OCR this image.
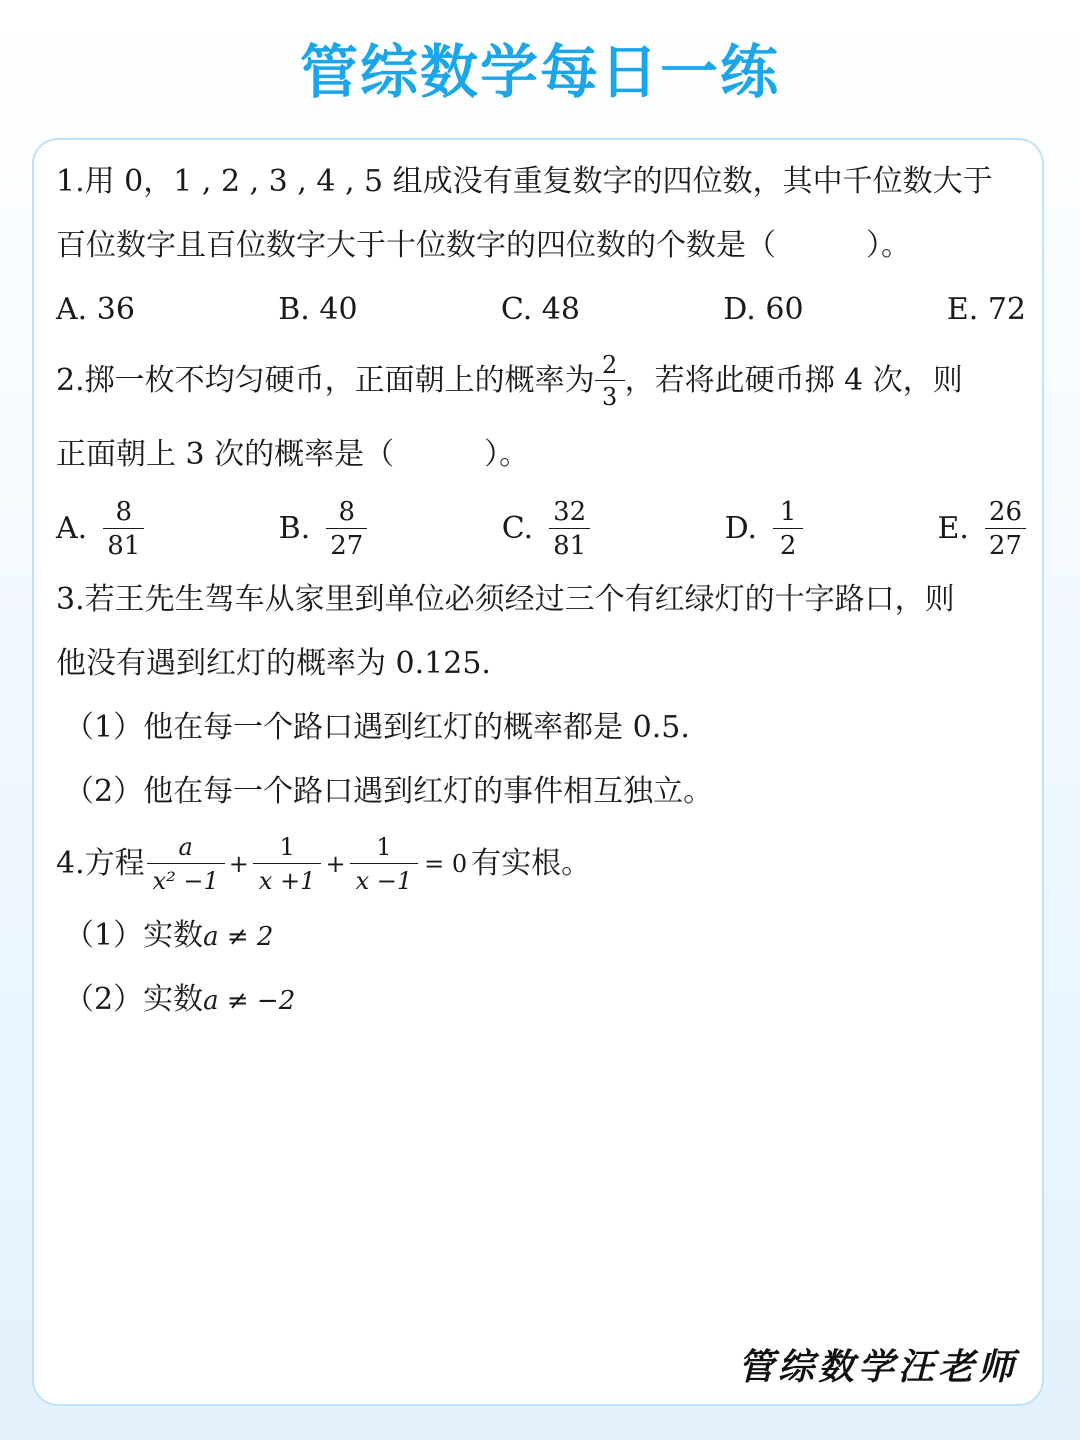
管综数学每日一练
1.用 0，1 , 2 , 3 , 4 , 5 组成没有重复数字的四位数，其中千位数大于
百位数字且百位数字大于十位数字的四位数的个数是（　　　）。
A. 36	B. 40	C. 48	D. 60	E. 72
2.掷一枚不均匀硬币，正面朝上的概率为 $\frac{2}{3}$ ，若将此硬币掷 4 次，则
正面朝上 3 次的概率是（　　　）。
A. $\frac{8}{81}$	B. $\frac{8}{27}$	C. $\frac{32}{81}$	D. $\frac{1}{2}$	E. $\frac{26}{27}$
3.若王先生驾车从家里到单位必须经过三个有红绿灯的十字路口，则
他没有遇到红灯的概率为 0.125.
（1）他在每一个路口遇到红灯的概率都是 0.5.
（2）他在每一个路口遇到红灯的事件相互独立。
4.方程 $\frac{a}{\text{x² −1}} + \frac{1}{x +1} + \frac{1}{x -1} = 0$ 有实根。
（1）实数a ≠ 2
（2）实数a ≠ −2
管综数学汪老师
